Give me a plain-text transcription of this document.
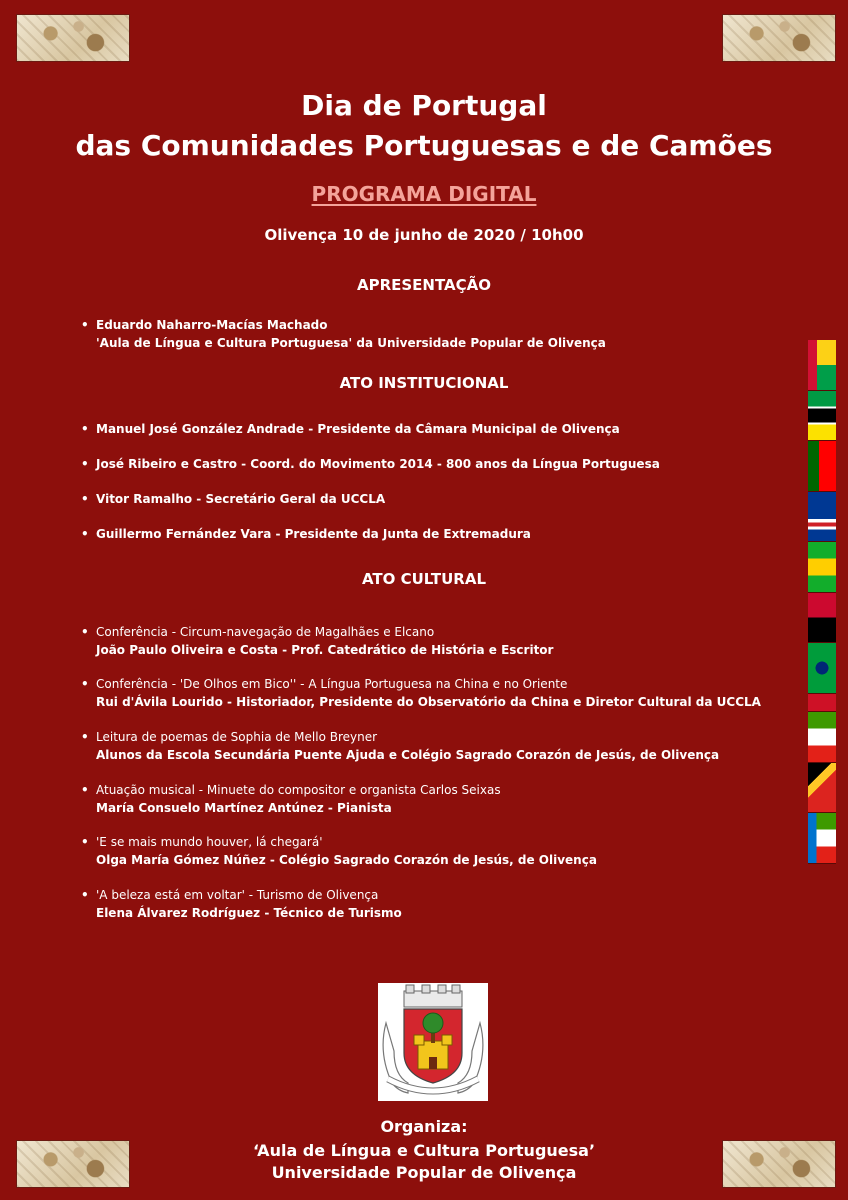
Dia de Portugal
das Comunidades Portuguesas e de Camões
PROGRAMA DIGITAL
Olivença 10 de junho de 2020 / 10h00
APRESENTAÇÃO
• Eduardo Naharro-Macías Machado
'Aula de Língua e Cultura Portuguesa' da Universidade Popular de Olivença
ATO INSTITUCIONAL
• Manuel José González Andrade - Presidente da Câmara Municipal de Olivença
• José Ribeiro e Castro - Coord. do Movimento 2014 - 800 anos da Língua Portuguesa
• Vitor Ramalho - Secretário Geral da UCCLA
• Guillermo Fernández Vara - Presidente da Junta de Extremadura
ATO CULTURAL
• Conferência - Circum-navegação de Magalhães e Elcano
João Paulo Oliveira e Costa - Prof. Catedrático de História e Escritor
• Conferência - 'De Olhos em Bico'' - A Língua Portuguesa na China e no Oriente
Rui d'Ávila Lourido - Historiador, Presidente do Observatório da China e Diretor Cultural da UCCLA
• Leitura de poemas de Sophia de Mello Breyner
Alunos da Escola Secundária Puente Ajuda e Colégio Sagrado Corazón de Jesús, de Olivença
• Atuação musical - Minuete do compositor e organista Carlos Seixas
María Consuelo Martínez Antúnez - Pianista
• 'E se mais mundo houver, lá chegará'
Olga María Gómez Núñez - Colégio Sagrado Corazón de Jesús, de Olivença
• 'A beleza está em voltar' - Turismo de Olivença
Elena Álvarez Rodríguez - Técnico de Turismo
Organiza:
‘Aula de Língua e Cultura Portuguesa’
Universidade Popular de Olivença
